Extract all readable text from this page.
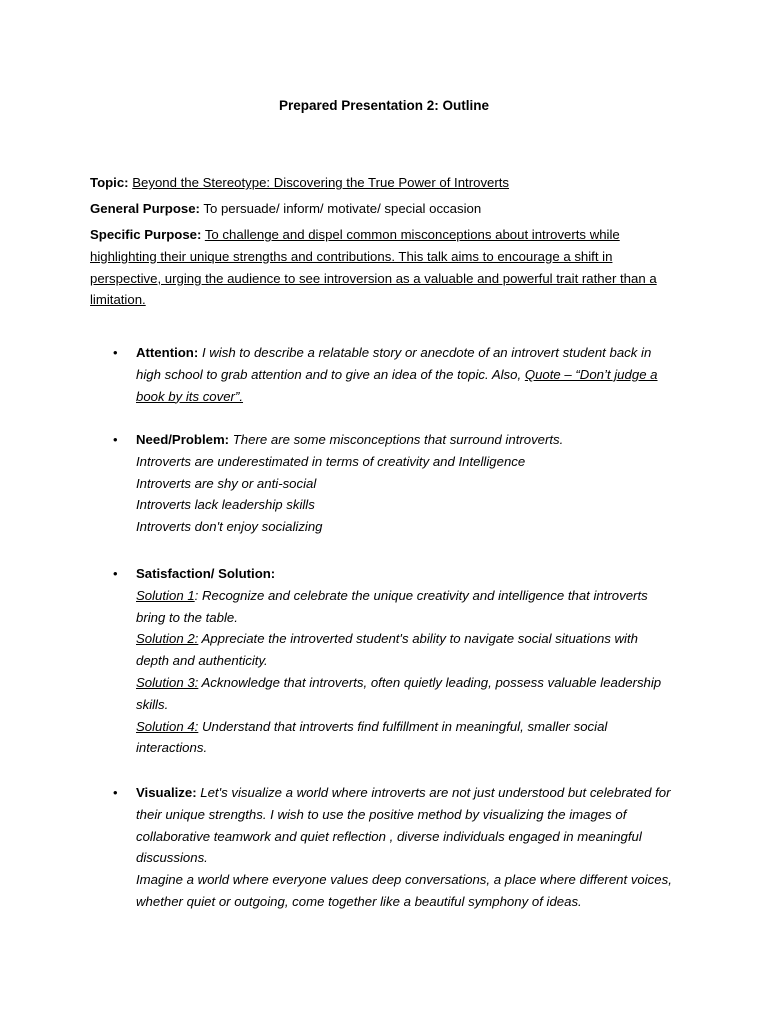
Prepared Presentation 2: Outline
Topic: Beyond the Stereotype: Discovering the True Power of Introverts
General Purpose: To persuade/ inform/ motivate/ special occasion
Specific Purpose: To challenge and dispel common misconceptions about introverts while highlighting their unique strengths and contributions. This talk aims to encourage a shift in perspective, urging the audience to see introversion as a valuable and powerful trait rather than a limitation.
• Attention: I wish to describe a relatable story or anecdote of an introvert student back in high school to grab attention and to give an idea of the topic. Also, Quote – “Don’t judge a book by its cover”.
• Need/Problem: There are some misconceptions that surround introverts.
Introverts are underestimated in terms of creativity and Intelligence
Introverts are shy or anti-social
Introverts lack leadership skills
Introverts don't enjoy socializing
• Satisfaction/ Solution:
Solution 1: Recognize and celebrate the unique creativity and intelligence that introverts bring to the table.
Solution 2: Appreciate the introverted student's ability to navigate social situations with depth and authenticity.
Solution 3: Acknowledge that introverts, often quietly leading, possess valuable leadership skills.
Solution 4: Understand that introverts find fulfillment in meaningful, smaller social interactions.
• Visualize: Let's visualize a world where introverts are not just understood but celebrated for their unique strengths. I wish to use the positive method by visualizing the images of collaborative teamwork and quiet reflection , diverse individuals engaged in meaningful discussions.
Imagine a world where everyone values deep conversations, a place where different voices, whether quiet or outgoing, come together like a beautiful symphony of ideas.
